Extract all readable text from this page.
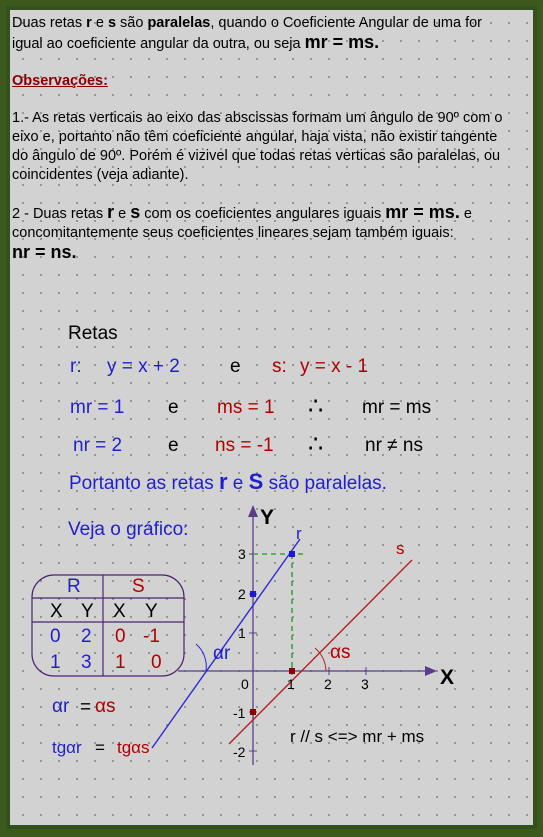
Duas retas r e s são paralelas, quando o Coeficiente Angular de uma for igual ao coeficiente angular da outra, ou seja mr = ms.

Observações:

1.- As retas verticais ao eixo das abscissas formam um ângulo de 90º com o eixo e, portanto não têm coeficiente angular, haja vista, não existir tangente do ângulo de 90º. Porém é vizivel que todas retas verticas são paralelas, ou coincidentes (veja adiante).

2 - Duas retas r e s com os coeficientes angulares iguais mr = ms. e concomitantemente seus coeficientes lineares sejam também iguais:
nr = ns.

Retas
r: y = x + 2	e s: y = x - 1
mr = 1 e ms = 1 ∴ mr = ms
nr = 2 e ns = -1 ∴ nr ≠ ns
Portanto as retas r e S são paralelas.
Veja o gráfico:
R	S
X Y X Y
0 2 0 -1
1 3 1 0
Y
X
r
s
αr	αs
0	1 2 3
3
2
1
-1
-2
αr = αs
tgαr = tgαs
r // s <=> mr + ms
